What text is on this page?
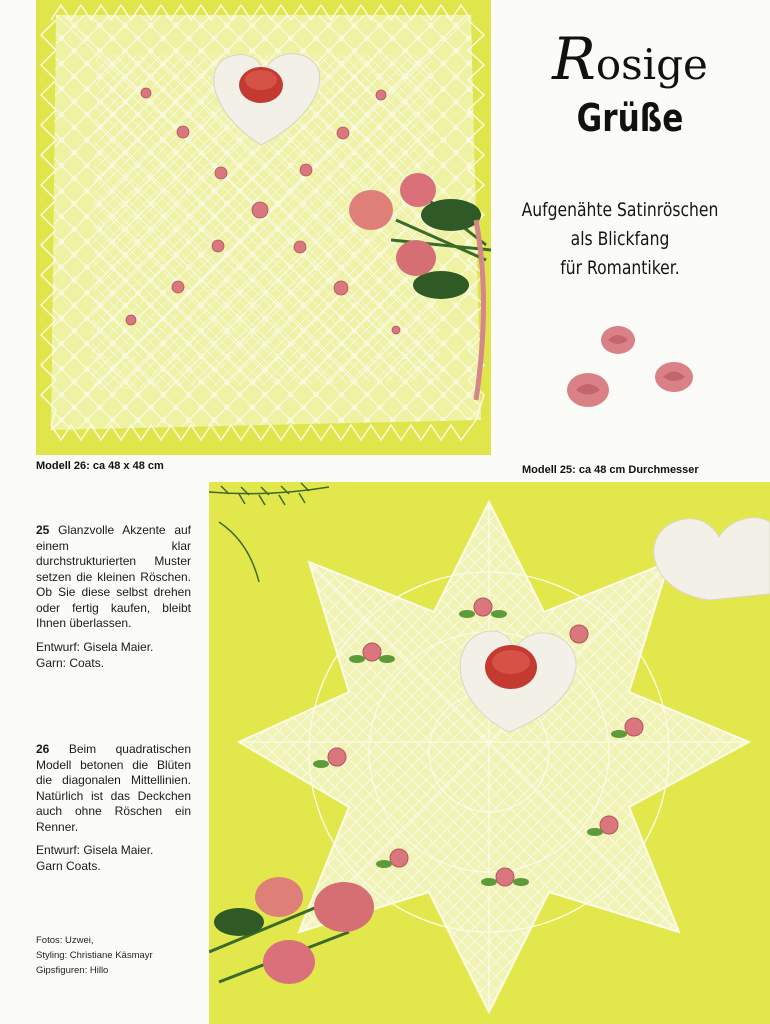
Modell 26: ca 48 x 48 cm
Rosige
Grüße
Aufgenähte Satinröschen
als Blickfang
für Romantiker.
Modell 25: ca 48 cm Durchmesser
25 Glanzvolle Akzente auf einem klar durchstrukturierten Muster setzen die kleinen Röschen. Ob Sie diese selbst drehen oder fertig kaufen, bleibt Ihnen überlassen.
Entwurf: Gisela Maier.
Garn: Coats.
26 Beim quadratischen Modell betonen die Blüten die diagonalen Mittellinien. Natürlich ist das Deckchen auch ohne Röschen ein Renner.
Entwurf: Gisela Maier.
Garn Coats.
Fotos: Uzwei,
Styling: Christiane Käsmayr
Gipsfiguren: Hillo
